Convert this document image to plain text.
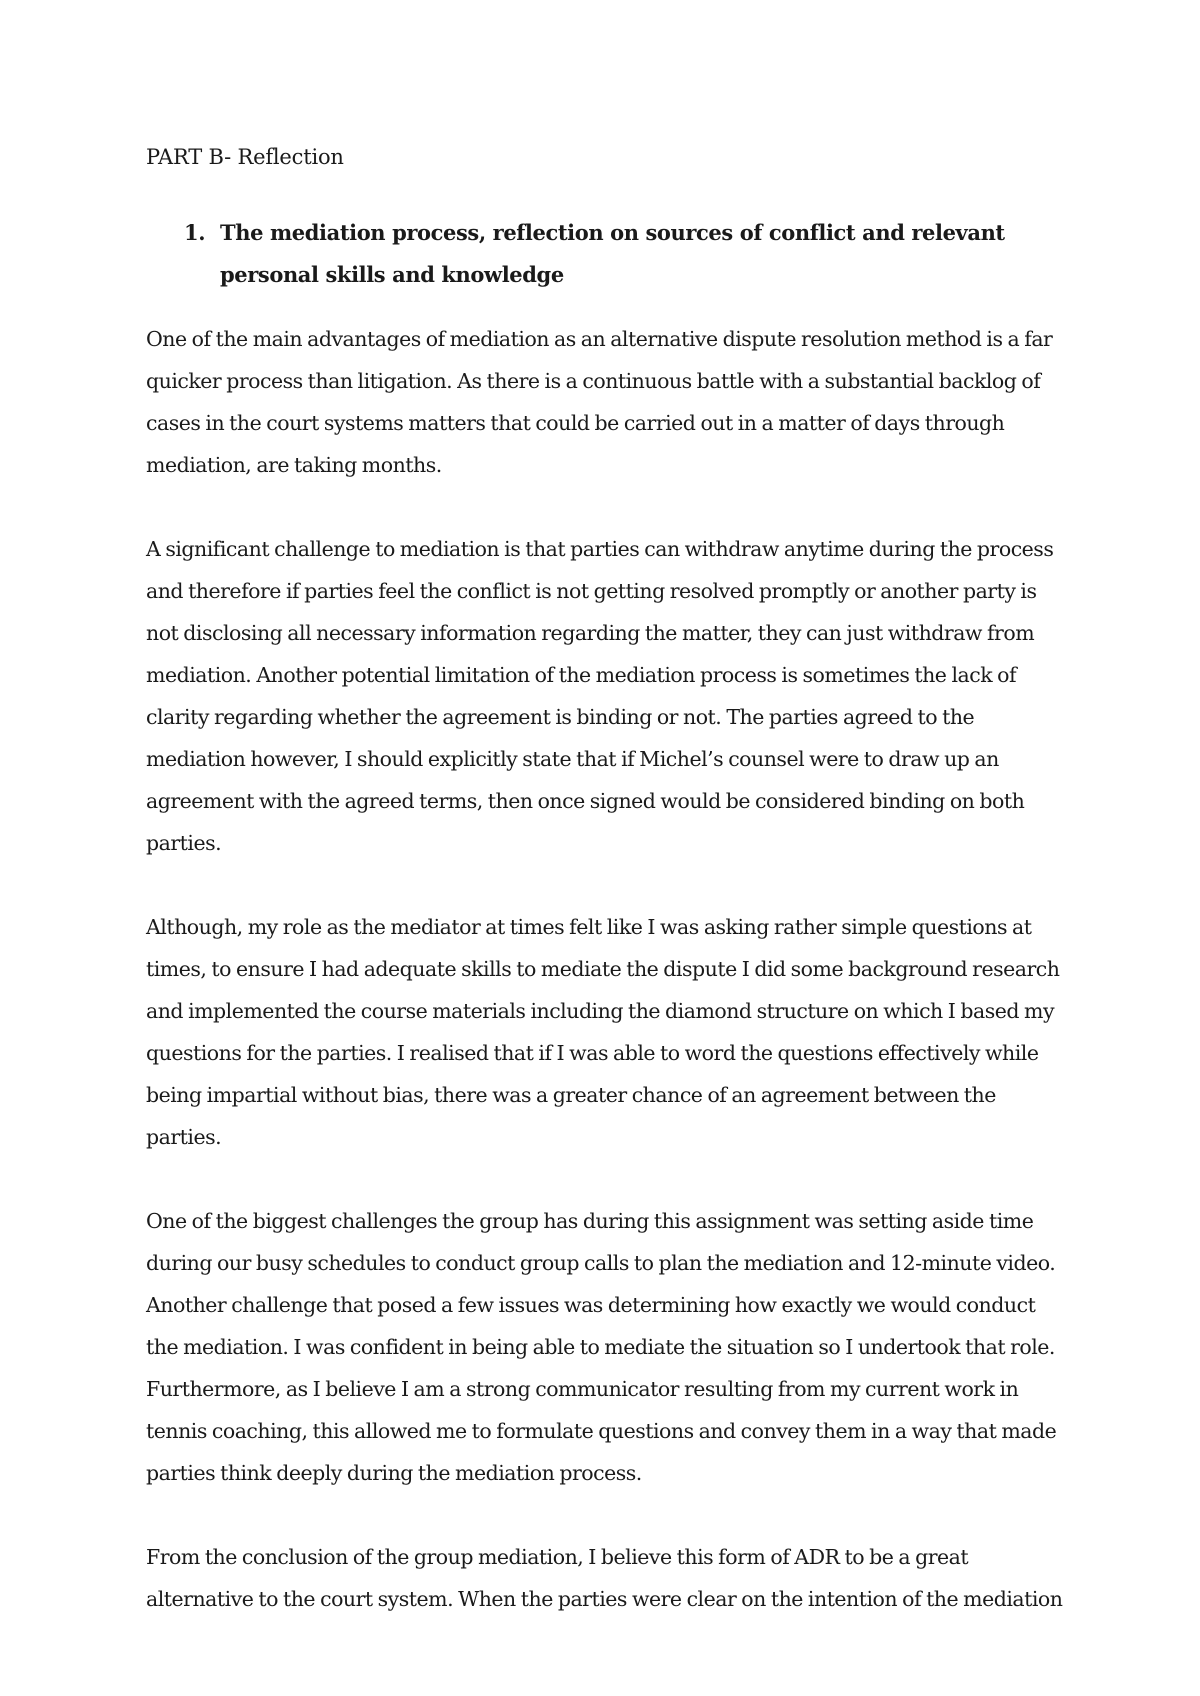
PART B- Reflection

1. The mediation process, reflection on sources of conflict and relevant personal skills and knowledge

One of the main advantages of mediation as an alternative dispute resolution method is a far quicker process than litigation. As there is a continuous battle with a substantial backlog of cases in the court systems matters that could be carried out in a matter of days through mediation, are taking months.

A significant challenge to mediation is that parties can withdraw anytime during the process and therefore if parties feel the conflict is not getting resolved promptly or another party is not disclosing all necessary information regarding the matter, they can just withdraw from mediation. Another potential limitation of the mediation process is sometimes the lack of clarity regarding whether the agreement is binding or not. The parties agreed to the mediation however, I should explicitly state that if Michel’s counsel were to draw up an agreement with the agreed terms, then once signed would be considered binding on both parties.

Although, my role as the mediator at times felt like I was asking rather simple questions at times, to ensure I had adequate skills to mediate the dispute I did some background research and implemented the course materials including the diamond structure on which I based my questions for the parties. I realised that if I was able to word the questions effectively while being impartial without bias, there was a greater chance of an agreement between the parties.

One of the biggest challenges the group has during this assignment was setting aside time during our busy schedules to conduct group calls to plan the mediation and 12-minute video. Another challenge that posed a few issues was determining how exactly we would conduct the mediation. I was confident in being able to mediate the situation so I undertook that role. Furthermore, as I believe I am a strong communicator resulting from my current work in tennis coaching, this allowed me to formulate questions and convey them in a way that made parties think deeply during the mediation process.

From the conclusion of the group mediation, I believe this form of ADR to be a great alternative to the court system. When the parties were clear on the intention of the mediation
